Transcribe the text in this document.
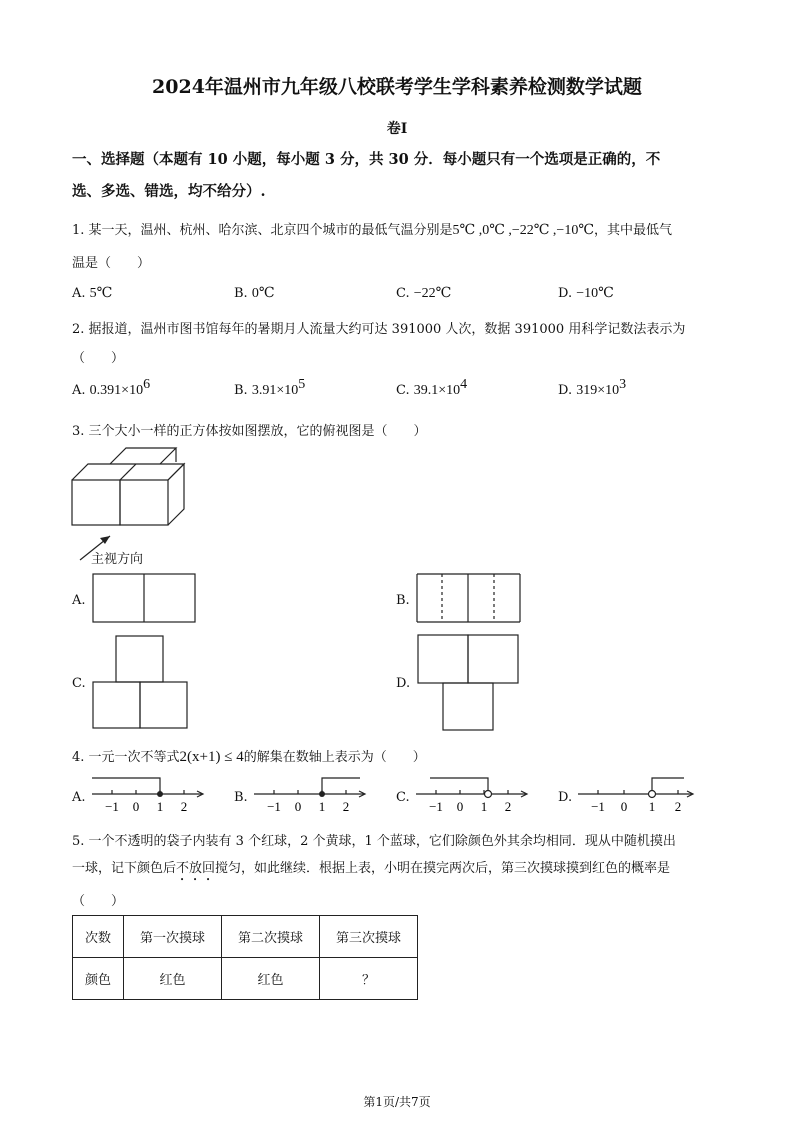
2024年温州市九年级八校联考学生学科素养检测数学试题
卷I
一、选择题（本题有 10 小题，每小题 3 分，共 30 分．每小题只有一个选项是正确的，不
选、多选、错选，均不给分）.
1. 某一天，温州、杭州、哈尔滨、北京四个城市的最低气温分别是5℃ ,0℃ ,−22℃ ,−10℃，其中最低气
温是（　　）
A. 5℃	B. 0℃	C. −22℃	D. −10℃
2. 据报道，温州市图书馆每年的暑期月人流量大约可达 391000 人次，数据 391000 用科学记数法表示为
（　　）
A. $0.391\times 10^6$	B. $3.91\times 10^5$	C. $39.1\times 10^4$	D. $319\times 10^3$
3. 三个大小一样的正方体按如图摆放，它的俯视图是（　　）
主视方向
A.	B.
C.	D.
4. 一元一次不等式2(x+1) ≤ 4的解集在数轴上表示为（　　）
A.
−1 0 1 2
B.
−1 0 1 2
C.
−1 0 1 2
D.
−1 0 1 2
5. 一个不透明的袋子内装有 3 个红球，2 个黄球，1 个蓝球，它们除颜色外其余均相同．现从中随机摸出
一球，记下颜色后不放回搅匀，如此继续．根据上表，小明在摸完两次后，第三次摸球摸到红色的概率是
（　　）
次数	第一次摸球	第二次摸球	第三次摸球
颜色	红色	红色	？
第1页/共7页
